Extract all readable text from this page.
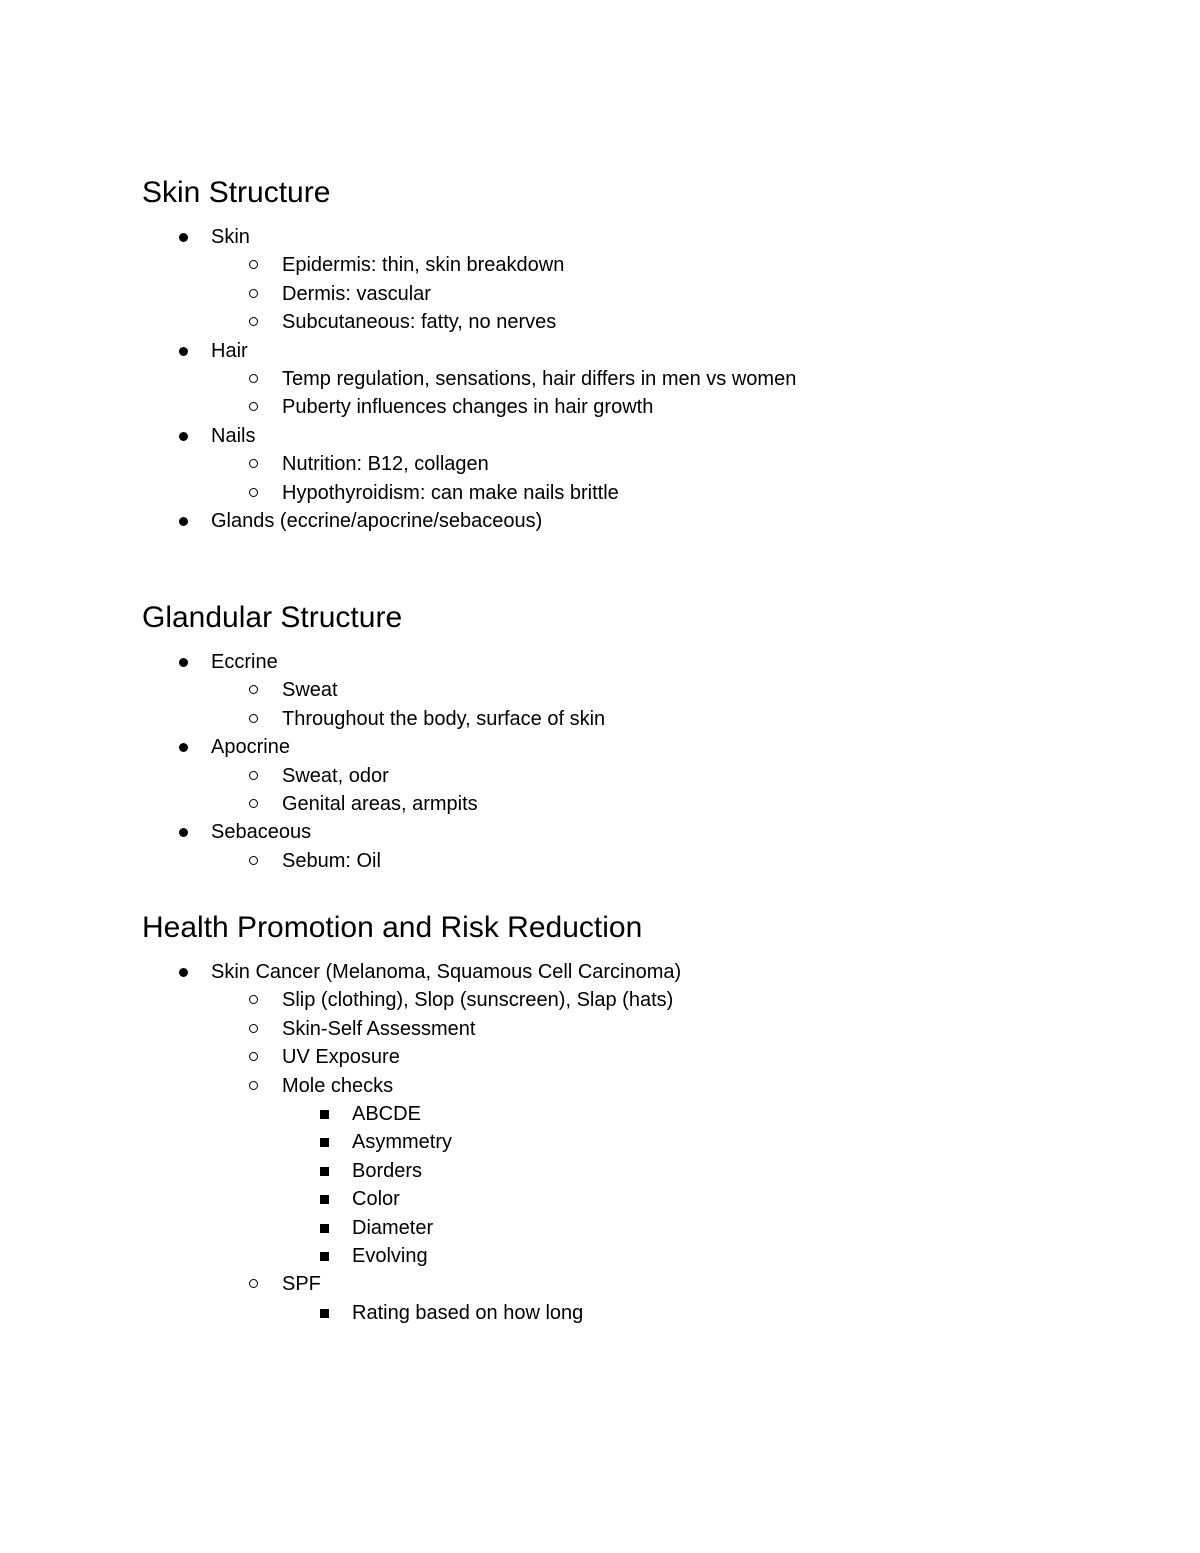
Skin Structure
Skin
Epidermis: thin, skin breakdown
Dermis: vascular
Subcutaneous: fatty, no nerves
Hair
Temp regulation, sensations, hair differs in men vs women
Puberty influences changes in hair growth
Nails
Nutrition: B12, collagen
Hypothyroidism: can make nails brittle
Glands (eccrine/apocrine/sebaceous)
Glandular Structure
Eccrine
Sweat
Throughout the body, surface of skin
Apocrine
Sweat, odor
Genital areas, armpits
Sebaceous
Sebum: Oil
Health Promotion and Risk Reduction
Skin Cancer (Melanoma, Squamous Cell Carcinoma)
Slip (clothing), Slop (sunscreen), Slap (hats)
Skin-Self Assessment
UV Exposure
Mole checks
ABCDE
Asymmetry
Borders
Color
Diameter
Evolving
SPF
Rating based on how long
